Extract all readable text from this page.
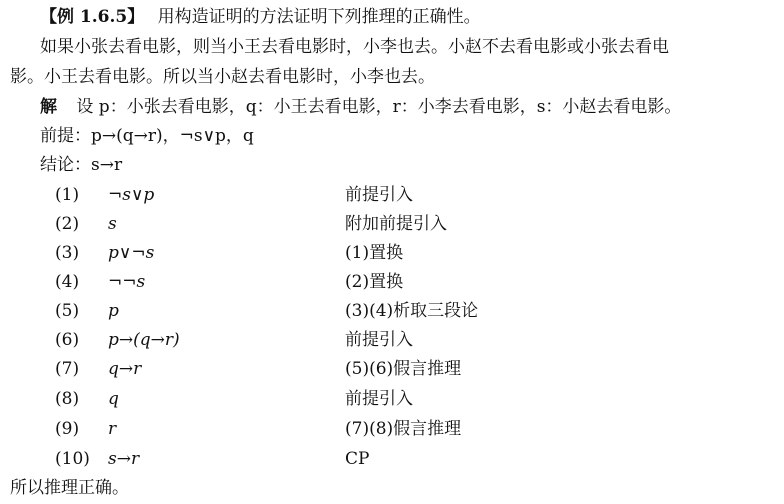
【例 1.6.5】 用构造证明的方法证明下列推理的正确性。
如果小张去看电影，则当小王去看电影时，小李也去。小赵不去看电影或小张去看电
影。小王去看电影。所以当小赵去看电影时，小李也去。
解 设 p：小张去看电影，q：小王去看电影，r：小李去看电影，s：小赵去看电影。
前提：p→(q→r)，¬s∨p，q
结论：s→r
(1)	¬s∨p	前提引入
(2)	s	附加前提引入
(3)	p∨¬s	(1)置换
(4)	¬¬s	(2)置换
(5)	p	(3)(4)析取三段论
(6)	p→(q→r)	前提引入
(7)	q→r	(5)(6)假言推理
(8)	q	前提引入
(9)	r	(7)(8)假言推理
(10)	s→r	CP
所以推理正确。
